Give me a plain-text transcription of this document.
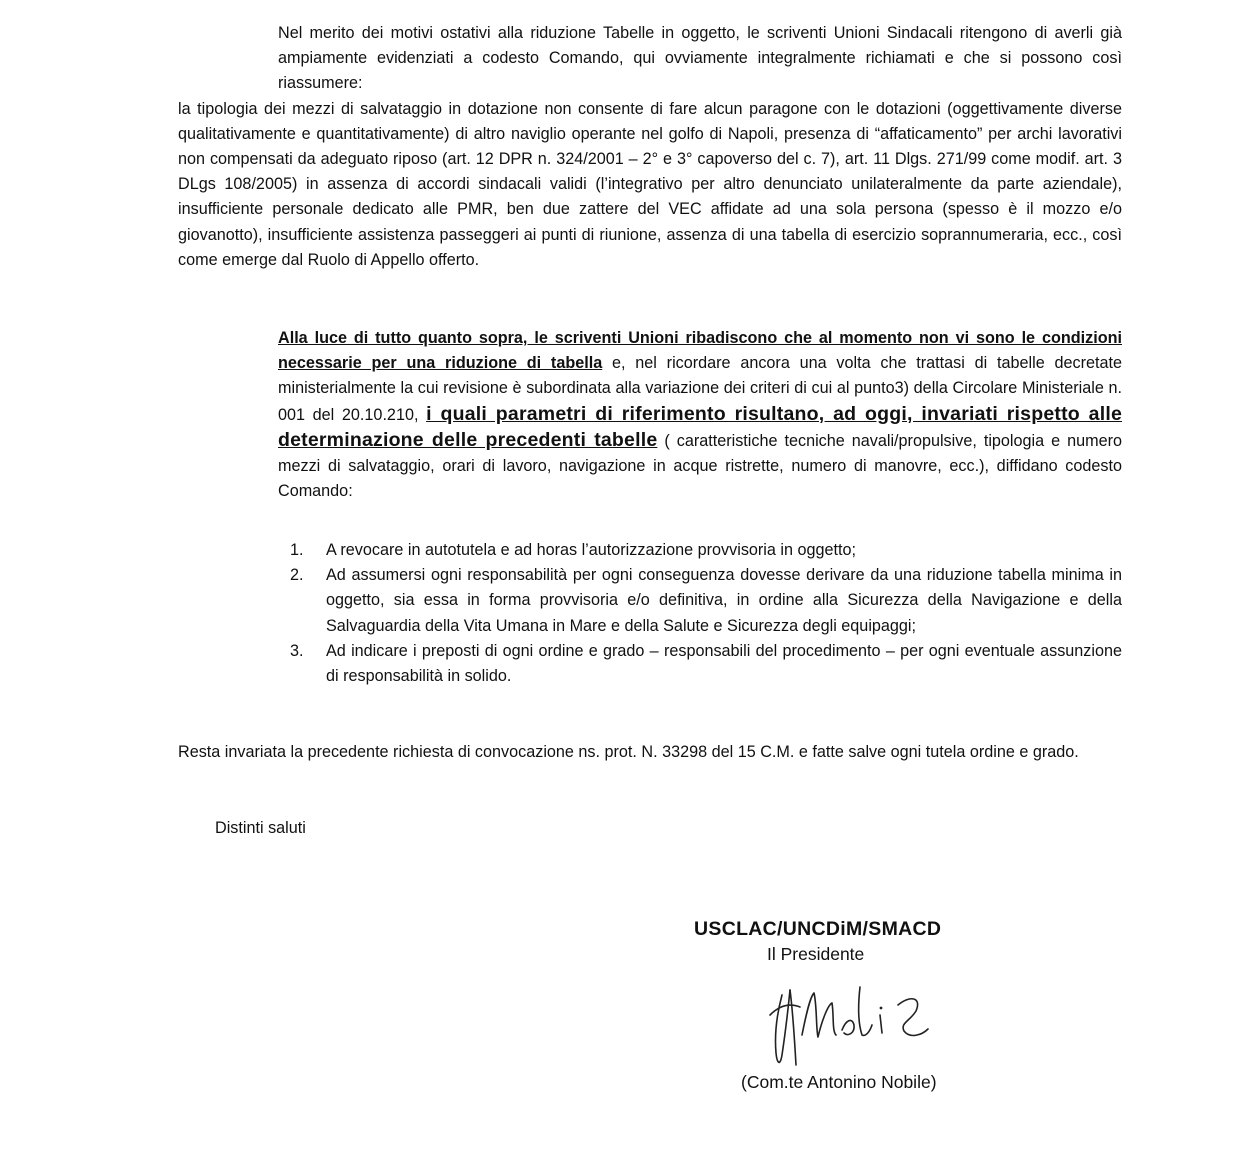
Nel merito dei motivi ostativi alla riduzione Tabelle in oggetto, le scriventi Unioni Sindacali ritengono di averli già ampiamente evidenziati a codesto Comando, qui ovviamente integralmente richiamati e che si possono così riassumere:
la tipologia dei mezzi di salvataggio in dotazione non consente di fare alcun paragone con le dotazioni (oggettivamente diverse qualitativamente e quantitativamente) di altro naviglio operante nel golfo di Napoli, presenza di “affaticamento” per archi lavorativi non compensati da adeguato riposo (art. 12 DPR n. 324/2001 – 2° e 3° capoverso del c. 7), art. 11 Dlgs. 271/99 come modif. art. 3 DLgs 108/2005) in assenza di accordi sindacali validi (l’integrativo per altro denunciato unilateralmente da parte aziendale), insufficiente personale dedicato alle PMR, ben due zattere del VEC affidate ad una sola persona (spesso è il mozzo e/o giovanotto), insufficiente assistenza passeggeri ai punti di riunione, assenza di una tabella di esercizio soprannumeraria, ecc., così come emerge dal Ruolo di Appello offerto.
Alla luce di tutto quanto sopra, le scriventi Unioni ribadiscono che al momento non vi sono le condizioni necessarie per una riduzione di tabella e, nel ricordare ancora una volta che trattasi di tabelle decretate ministerialmente la cui revisione è subordinata alla variazione dei criteri di cui al punto3) della Circolare Ministeriale n. 001 del 20.10.210, i quali parametri di riferimento risultano, ad oggi, invariati rispetto alle determinazione delle precedenti tabelle ( caratteristiche tecniche navali/propulsive, tipologia e numero mezzi di salvataggio, orari di lavoro, navigazione in acque ristrette, numero di manovre, ecc.), diffidano codesto Comando:
1. A revocare in autotutela e ad horas l’autorizzazione provvisoria in oggetto;
2. Ad assumersi ogni responsabilità per ogni conseguenza dovesse derivare da una riduzione tabella minima in oggetto, sia essa in forma provvisoria e/o definitiva, in ordine alla Sicurezza della Navigazione e della Salvaguardia della Vita Umana in Mare e della Salute e Sicurezza degli equipaggi;
3. Ad indicare i preposti di ogni ordine e grado – responsabili del procedimento – per ogni eventuale assunzione di responsabilità in solido.
Resta invariata la precedente richiesta di convocazione ns. prot. N. 33298 del 15 C.M. e fatte salve ogni tutela ordine e grado.
Distinti saluti
USCLAC/UNCDiM/SMACD
Il Presidente
(Com.te Antonino Nobile)
